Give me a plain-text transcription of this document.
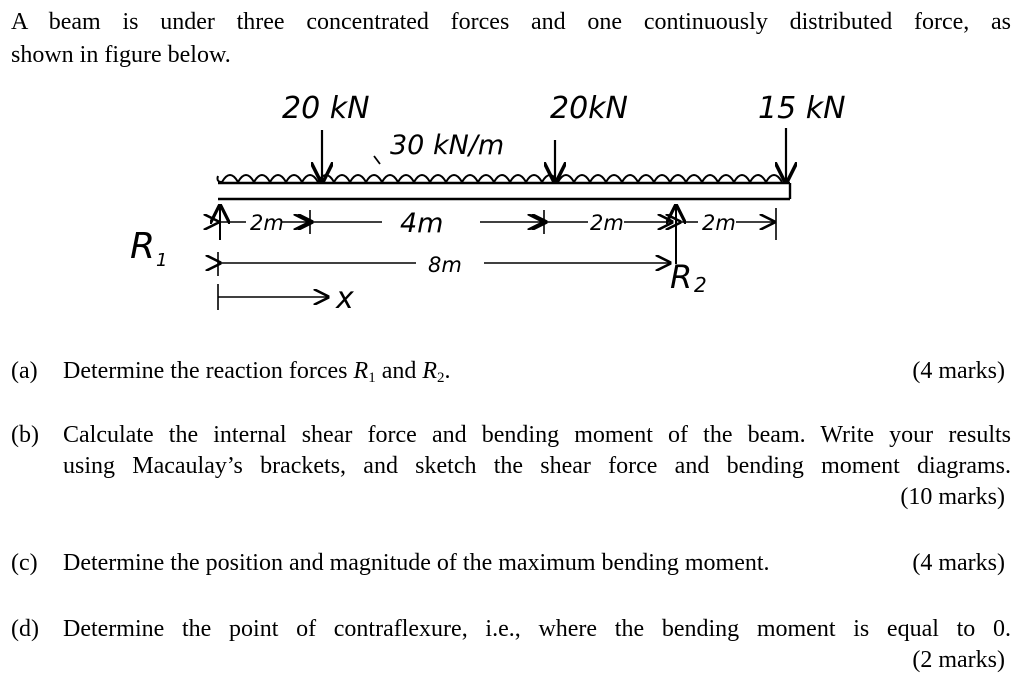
A beam is under three concentrated forces and one continuously distributed force, as
shown in figure below.
20 kN	20kN	15 kN
30 kN/m
2m	4m	2m	2m
8m
R 1	R 2
x
(a) Determine the reaction forces $R_1$ and $R_2$.	(4 marks)
(b) Calculate the internal shear force and bending moment of the beam. Write your results
using Macaulay’s brackets, and sketch the shear force and bending moment diagrams.
(10 marks)
(c) Determine the position and magnitude of the maximum bending moment.	(4 marks)
(d) Determine the point of contraflexure, i.e., where the bending moment is equal to 0.
(2 marks)
